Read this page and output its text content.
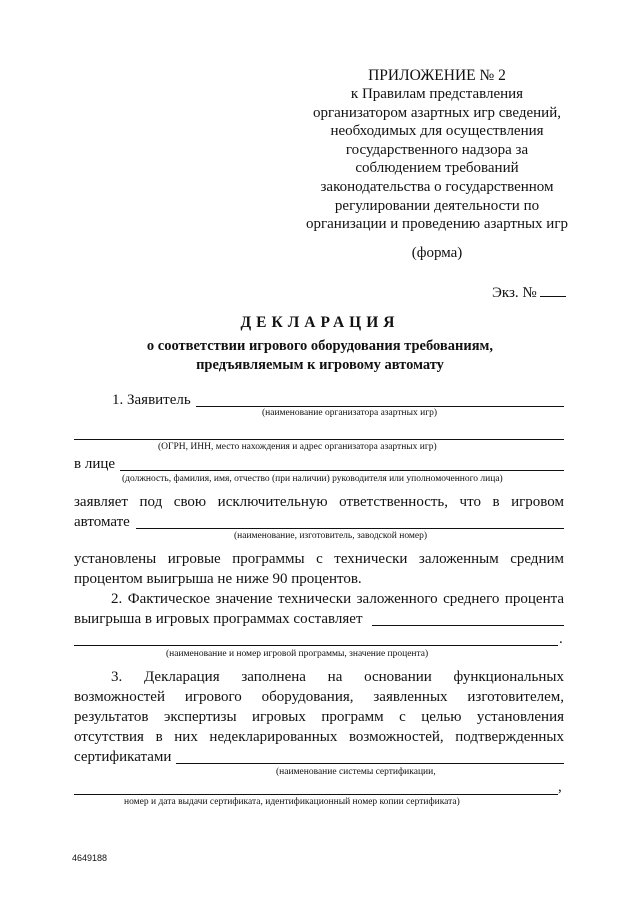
ПРИЛОЖЕНИЕ № 2
к Правилам представления
организатором азартных игр сведений,
необходимых для осуществления
государственного надзора за
соблюдением требований
законодательства о государственном
регулировании деятельности по
организации и проведению азартных игр
(форма)
Экз. №
ДЕКЛАРАЦИЯ
о соответствии игрового оборудования требованиям,
предъявляемым к игровому автомату
1. Заявитель
(наименование организатора азартных игр)
(ОГРН, ИНН, место нахождения и адрес организатора азартных игр)
в лице
(должность, фамилия, имя, отчество (при наличии) руководителя или уполномоченного лица)
заявляет под свою исключительную ответственность, что в игровом
автомате
(наименование, изготовитель, заводской номер)
установлены игровые программы с технически заложенным средним
процентом выигрыша не ниже 90 процентов.
2. Фактическое значение технически заложенного среднего процента
выигрыша в игровых программах составляет
.
(наименование и номер игровой программы, значение процента)
3. Декларация заполнена на основании функциональных
возможностей игрового оборудования, заявленных изготовителем,
результатов экспертизы игровых программ с целью установления
отсутствия в них недекларированных возможностей, подтвержденных
сертификатами
(наименование системы сертификации,
,
номер и дата выдачи сертификата, идентификационный номер копии сертификата)
4649188
